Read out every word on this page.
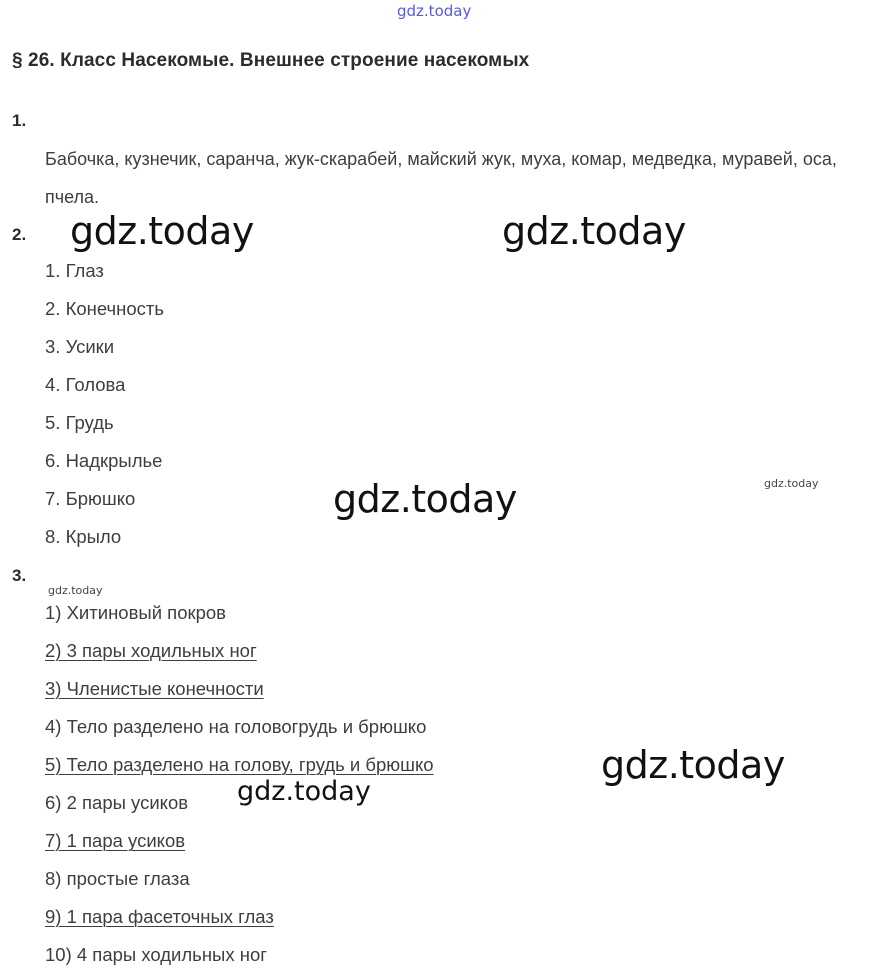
gdz.today
gdz.today	gdz.today
gdz.today
gdz.today
gdz.today
gdz.today
gdz.today
§ 26. Класс Насекомые. Внешнее строение насекомых
1.
Бабочка, кузнечик, саранча, жук-скарабей, майский жук, муха, комар, медведка, муравей, оса, пчела.
2.
1. Глаз
2. Конечность
3. Усики
4. Голова
5. Грудь
6. Надкрылье
7. Брюшко
8. Крыло
3.
1) Хитиновый покров
2) 3 пары ходильных ног
3) Членистые конечности
4) Тело разделено на головогрудь и брюшко
5) Тело разделено на голову, грудь и брюшко
6) 2 пары усиков
7) 1 пара усиков
8) простые глаза
9) 1 пара фасеточных глаз
10) 4 пары ходильных ног
